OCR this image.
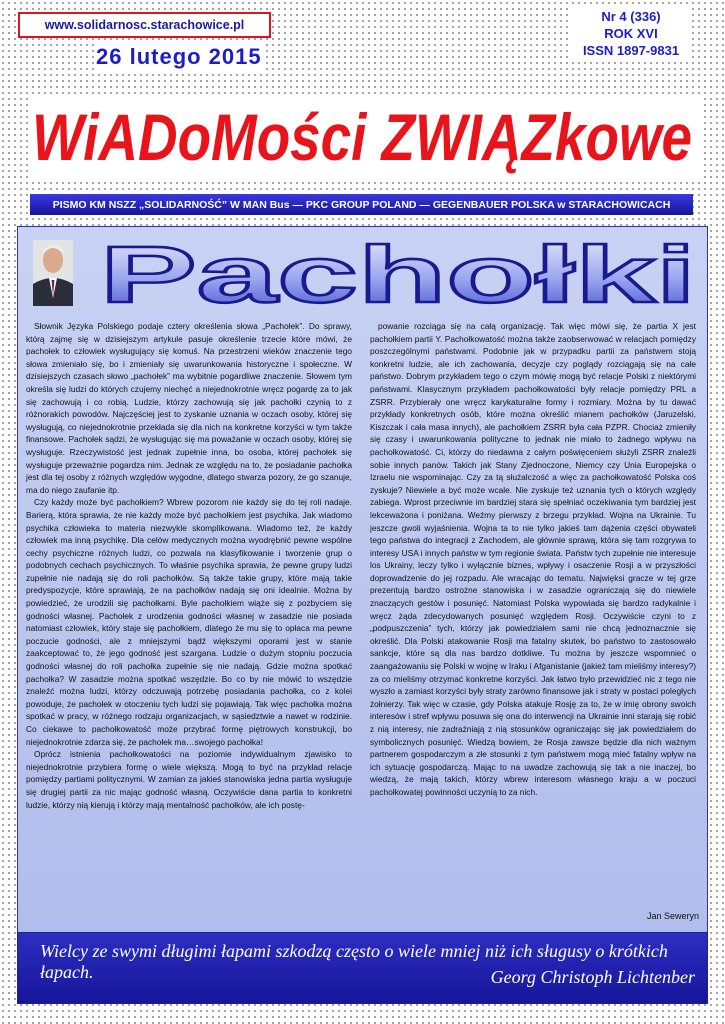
www.solidarnosc.starachowice.pl
26 lutego 2015
Nr 4 (336)
ROK XVI
ISSN 1897-9831
WiADoMości ZWIĄZkowe
PISMO KM NSZZ „SOLIDARNOŚĆ” W MAN Bus — PKC GROUP POLAND — GEGENBAUER POLSKA w STARACHOWICACH
Pachołki

Słownik Języka Polskiego podaje cztery określenia słowa „Pachołek”. Do sprawy, którą zajmę się w dzisiejszym artykule pasuje określenie trzecie które mówi, że pachołek to człowiek wysługujący się komuś. Na przestrzeni wieków znaczenie tego słowa zmieniało się, bo i zmieniały się uwarunkowania historyczne i społeczne. W dzisiejszych czasach słowo „pachołek” ma wybitnie pogardliwe znaczenie. Słowem tym określa się ludzi do których czujemy niechęć a niejednokrotnie wręcz pogardę za to jak się zachowują i co robią. Ludzie, którzy zachowują się jak pachołki czynią to z różnorakich powodów. Najczęściej jest to zyskanie uznania w oczach osoby, której się wysługują, co niejednokrotnie przekłada się dla nich na konkretne korzyści w tym także finansowe. Pachołek sądzi, że wysługując się ma poważanie w oczach osoby, której się wysługuje. Rzeczywistość jest jednak zupełnie inna, bo osoba, której pachołek się wysługuje przeważnie pogardza nim. Jednak ze względu na to, że posiadanie pachołka jest dla tej osoby z różnych względów wygodne, dlatego stwarza pozory, że go szanuje, ma do niego zaufanie itp.

Czy każdy może być pachołkiem? Wbrew pozorom nie każdy się do tej roli nadaje. Barierą, która sprawia, że nie każdy może być pachołkiem jest psychika. Jak wiadomo psychika człowieka to materia niezwykle skomplikowana. Wiadomo też, że każdy człowiek ma inną psychikę. Dla celów medycznych można wyodrębnić pewne wspólne cechy psychiczne różnych ludzi, co pozwala na klasyfikowanie i tworzenie grup o podobnych cechach psychicznych. To właśnie psychika sprawia, że pewne grupy ludzi zupełnie nie nadają się do roli pachołków. Są także takie grupy, które mają takie predyspozycje, które sprawiają, że na pachołków nadają się oni idealnie. Można by powiedzieć, że urodzili się pachołkami. Byle pachołkiem wiąże się z pozbyciem się godności własnej. Pachołek z urodzenia godności własnej w zasadzie nie posiada natomiast człowiek, który staje się pachołkiem, dlatego że mu się to opłaca ma pewne poczucie godności, ale z mniejszymi bądź większymi oporami jest w stanie zaakceptować to, że jego godność jest szargana. Ludzie o dużym stopniu poczucia godności własnej do roli pachołka zupełnie się nie nadają. Gdzie można spotkać pachołka? W zasadzie można spotkać wszędzie. Bo co by nie mówić to wszędzie znaleźć można ludzi, którzy odczuwają potrzebę posiadania pachołka, co z kolei powoduje, że pachołek w otoczeniu tych ludzi się pojawiają. Tak więc pachołka można spotkać w pracy, w różnego rodzaju organizacjach, w sąsiedztwie a nawet w rodzinie. Co ciekawe to pachołkowatość może przybrać formę piętrowych konstrukcji, bo niejednokrotnie zdarza się, że pachołek ma…swojego pachołka!

Oprócz istnienia pachołkowatości na poziomie indywidualnym zjawisko to niejednokrotnie przybiera formę o wiele większą. Mogą to być na przykład relacje pomiędzy partiami politycznymi. W zamian za jakieś stanowiska jedna partia wysługuje się drugiej partii za nic mając godność własną. Oczywiście dana partia to konkretni ludzie, którzy nią kierują i którzy mają mentalność pachołków, ale ich postę-

powanie rozciąga się na całą organizację. Tak więc mówi się, że partia X jest pachołkiem partii Y. Pachołkowatość można także zaobserwować w relacjach pomiędzy poszczególnymi państwami. Podobnie jak w przypadku partii za państwem stoją konkretni ludzie, ale ich zachowania, decyzje czy poglądy rozciągają się na całe państwo. Dobrym przykładem tego o czym mówię mogą być relacje Polski z niektórymi państwami. Klasycznym przykładem pachołkowatości były relacje pomiędzy PRL a ZSRR. Przybierały one wręcz karykaturalne formy i rozmiary. Można by tu dawać przykłady konkretnych osób, które można określić mianem pachołków (Jaruzelski, Kiszczak i cała masa innych), ale pachołkiem ZSRR była cała PZPR. Chociaż zmieniły się czasy i uwarunkowania polityczne to jednak nie miało to żadnego wpływu na pachołkowatość. Ci, którzy do niedawna z całym poświęceniem służyli ZSRR znaleźli sobie innych panów. Takich jak Stany Zjednoczone, Niemcy czy Unia Europejska o Izraelu nie wspominając. Czy za tą służalczość a więc za pachołkowatość Polska coś zyskuje? Niewiele a być może wcale. Nie zyskuje też uznania tych o których względy zabiega. Wprost przeciwnie im bardziej stara się spełniać oczekiwania tym bardziej jest lekceważona i poniżana. Weźmy pierwszy z brzegu przykład. Wojna na Ukrainie. Tu jeszcze gwoli wyjaśnienia. Wojna ta to nie tylko jakieś tam dążenia części obywateli tego państwa do integracji z Zachodem, ale głównie sprawą, która się tam rozgrywa to interesy USA i innych państw w tym regionie świata. Państw tych zupełnie nie interesuje los Ukrainy, leczy tylko i wyłącznie biznes, wpływy i osaczenie Rosji a w przyszłości doprowadzenie do jej rozpadu. Ale wracając do tematu. Najwięksi gracze w tej grze prezentują bardzo ostrożne stanowiska i w zasadzie ograniczają się do niewiele znaczących gestów i posunięć. Natomiast Polska wypowiada się bardzo radykalnie i wręcz żąda zdecydowanych posunięć względem Rosji. Oczywiście czyni to z „podpuszczenia” tych, którzy jak powiedziałem sami nie chcą jednoznacznie się określić. Dla Polski atakowanie Rosji ma fatalny skutek, bo państwo to zastosowało sankcje, które są dla nas bardzo dotkliwe. Tu można by jeszcze wspomnieć o zaangażowaniu się Polski w wojnę w Iraku i Afganistanie (jakież tam mieliśmy interesy?) za co mieliśmy otrzymać konkretne korzyści. Jak łatwo było przewidzieć nic z tego nie wyszło a zamiast korzyści były straty zarówno finansowe jak i straty w postaci poległych żołnierzy. Tak więc w czasie, gdy Polska atakuje Rosję za to, że w imię obrony swoich interesów i stref wpływu posuwa się ona do interwencji na Ukrainie inni starają się robić z nią interesy, nie zadrażniają z nią stosunków ograniczając się jak powiedziałem do symbolicznych posunięć. Wiedzą bowiem, że Rosja zawsze będzie dla nich ważnym partnerem gospodarczym a złe stosunki z tym państwem mogą mieć fatalny wpływ na ich sytuację gospodarczą. Mając to na uwadze zachowują się tak a nie inaczej, bo wiedzą, że mają takich, którzy wbrew interesom własnego kraju a w poczuci pachołkowatej powinności uczynią to za nich.

Jan Seweryn
Wielcy ze swymi długimi łapami szkodzą często o wiele mniej niż ich sługusy o krótkich łapach.	Georg Christoph Lichtenber
